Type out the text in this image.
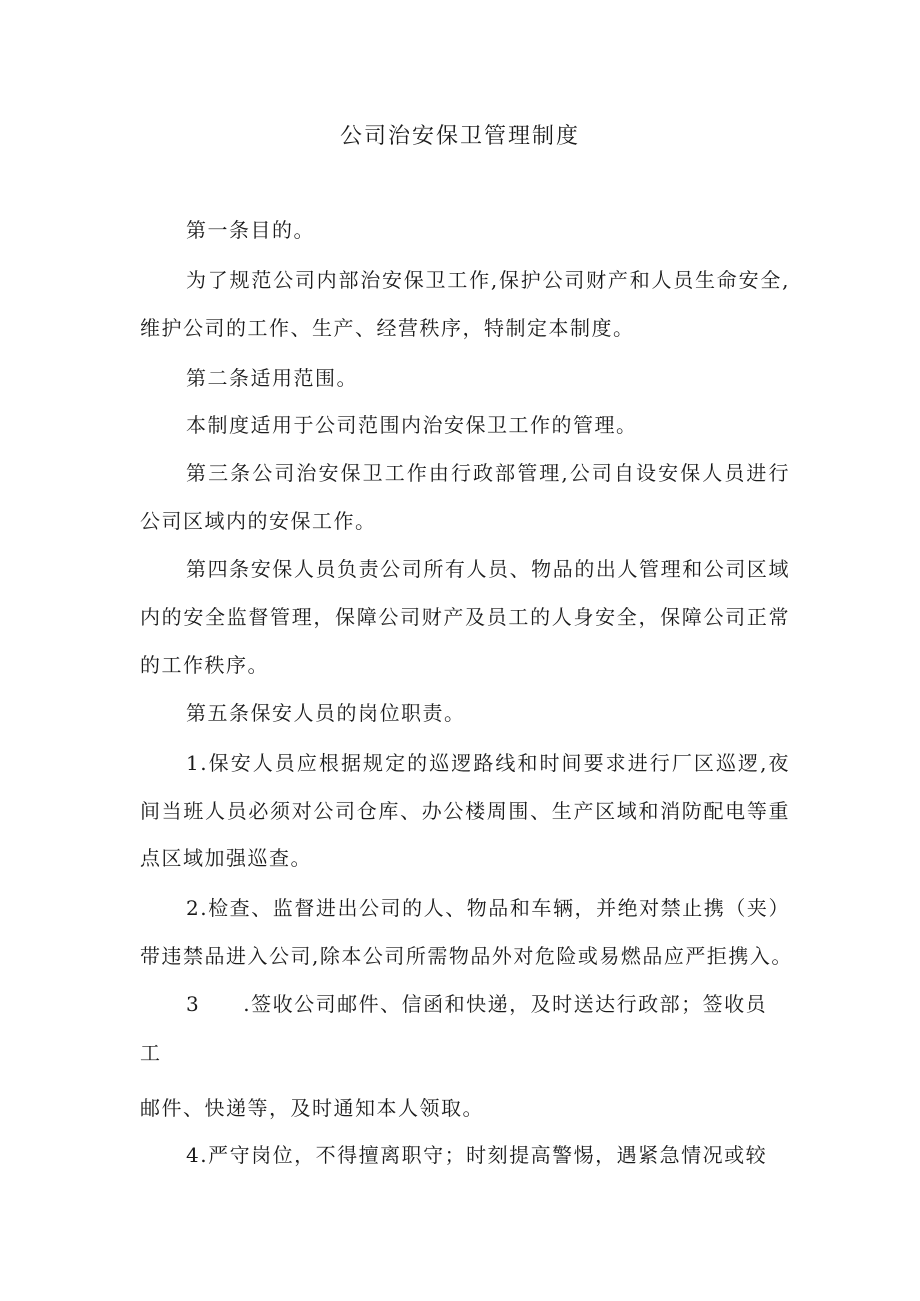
公司治安保卫管理制度
第一条目的。
为了规范公司内部治安保卫工作,保护公司财产和人员生命安全,
维护公司的工作、生产、经营秩序，特制定本制度。
第二条适用范围。
本制度适用于公司范围内治安保卫工作的管理。
第三条公司治安保卫工作由行政部管理,公司自设安保人员进行
公司区域内的安保工作。
第四条安保人员负责公司所有人员、物品的出人管理和公司区域
内的安全监督管理，保障公司财产及员工的人身安全，保障公司正常
的工作秩序。
第五条保安人员的岗位职责。
1.保安人员应根据规定的巡逻路线和时间要求进行厂区巡逻,夜
间当班人员必须对公司仓库、办公楼周围、生产区域和消防配电等重
点区域加强巡查。
2.检查、监督进出公司的人、物品和车辆，并绝对禁止携（夹）
带违禁品进入公司,除本公司所需物品外对危险或易燃品应严拒携入。
3　　.签收公司邮件、信函和快递，及时送达行政部；签收员
工
邮件、快递等，及时通知本人领取。
4.严守岗位，不得擅离职守；时刻提高警惕，遇紧急情况或较
